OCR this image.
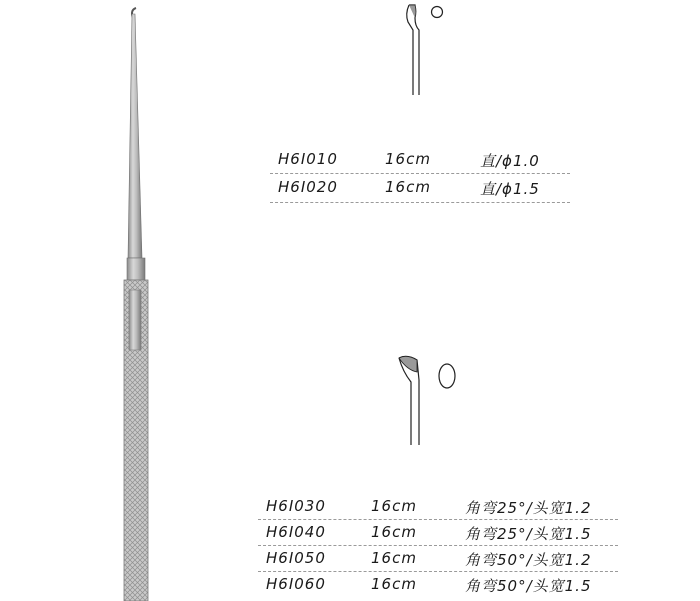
H6I010	16cm	直/ϕ1.0
H6I020	16cm	直/ϕ1.5
H6I030	16cm	角弯25°/头宽1.2
H6I040	16cm	角弯25°/头宽1.5
H6I050	16cm	角弯50°/头宽1.2
H6I060	16cm	角弯50°/头宽1.5
